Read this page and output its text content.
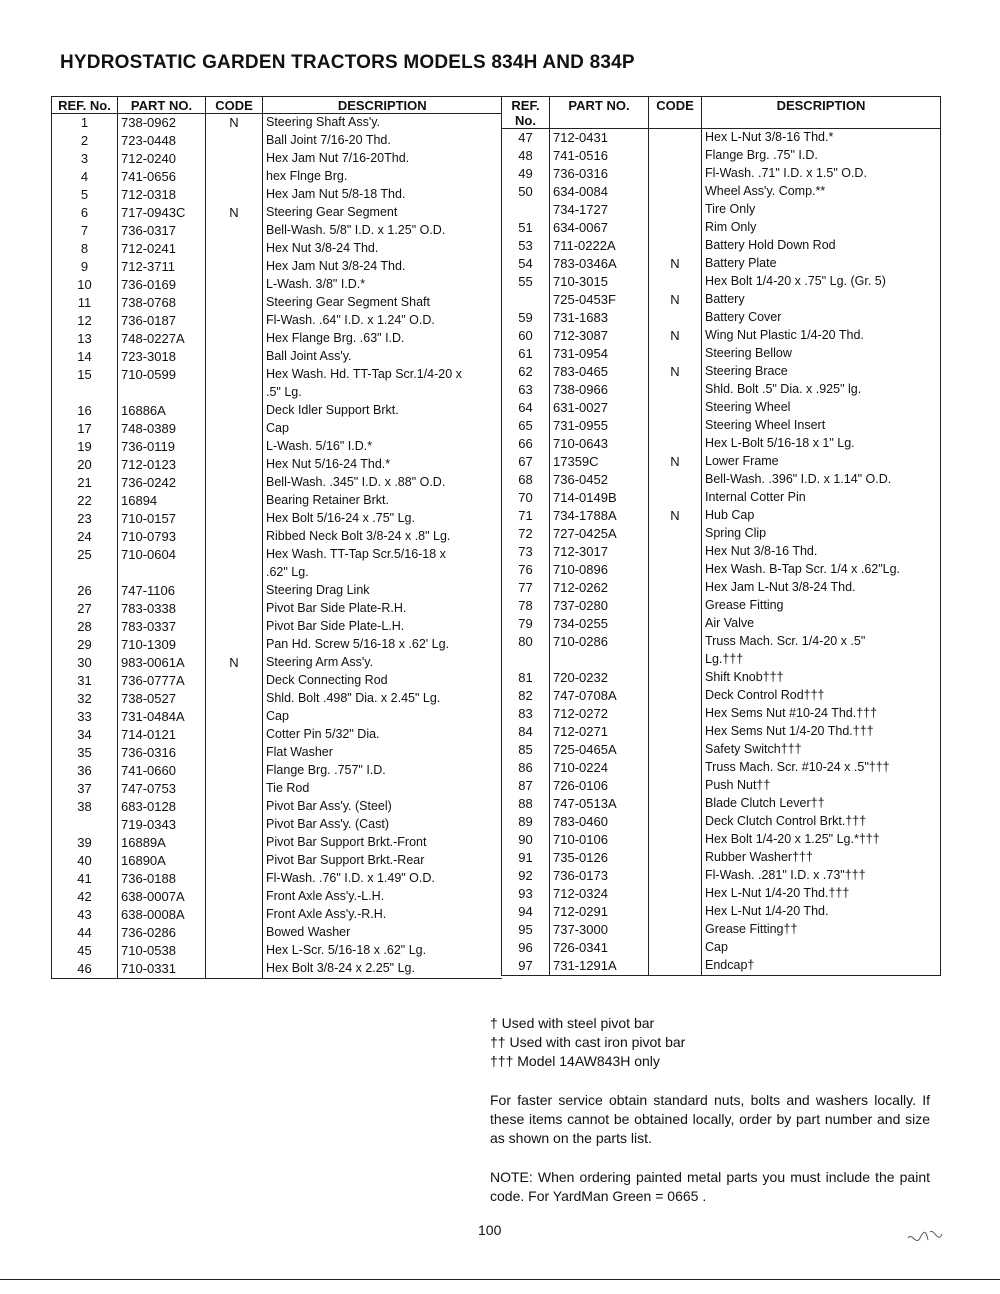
HYDROSTATIC GARDEN TRACTORS MODELS 834H AND 834P
REF. No.	PART NO.	CODE	DESCRIPTION
1	738-0962	N	Steering Shaft Ass'y.
2	723-0448		Ball Joint 7/16-20 Thd.
3	712-0240		Hex Jam Nut 7/16-20Thd.
4	741-0656		hex Flnge Brg.
5	712-0318		Hex Jam Nut 5/8-18 Thd.
6	717-0943C	N	Steering Gear Segment
7	736-0317		Bell-Wash. 5/8" I.D. x 1.25" O.D.
8	712-0241		Hex Nut 3/8-24 Thd.
9	712-3711		Hex Jam Nut 3/8-24 Thd.
10	736-0169		L-Wash. 3/8" I.D.*
11	738-0768		Steering Gear Segment Shaft
12	736-0187		Fl-Wash. .64" I.D. x 1.24" O.D.
13	748-0227A		Hex Flange Brg. .63" I.D.
14	723-3018		Ball Joint Ass'y.
15	710-0599		Hex Wash. Hd. TT-Tap Scr.1/4-20 x
			.5" Lg.
16	16886A		Deck Idler Support Brkt.
17	748-0389		Cap
19	736-0119		L-Wash. 5/16" I.D.*
20	712-0123		Hex Nut 5/16-24 Thd.*
21	736-0242		Bell-Wash. .345" I.D. x .88" O.D.
22	16894		Bearing Retainer Brkt.
23	710-0157		Hex Bolt 5/16-24 x .75" Lg.
24	710-0793		Ribbed Neck Bolt 3/8-24 x .8" Lg.
25	710-0604		Hex Wash. TT-Tap Scr.5/16-18 x
			.62" Lg.
26	747-1106		Steering Drag Link
27	783-0338		Pivot Bar Side Plate-R.H.
28	783-0337		Pivot Bar Side Plate-L.H.
29	710-1309		Pan Hd. Screw 5/16-18 x .62' Lg.
30	983-0061A	N	Steering Arm Ass'y.
31	736-0777A		Deck Connecting Rod
32	738-0527		Shld. Bolt .498" Dia. x 2.45" Lg.
33	731-0484A		Cap
34	714-0121		Cotter Pin 5/32" Dia.
35	736-0316		Flat Washer
36	741-0660		Flange Brg. .757" I.D.
37	747-0753		Tie Rod
38	683-0128		Pivot Bar Ass'y. (Steel)
	719-0343		Pivot Bar Ass'y. (Cast)
39	16889A		Pivot Bar Support Brkt.-Front
40	16890A		Pivot Bar Support Brkt.-Rear
41	736-0188		Fl-Wash. .76" I.D. x 1.49" O.D.
42	638-0007A		Front Axle Ass'y.-L.H.
43	638-0008A		Front Axle Ass'y.-R.H.
44	736-0286		Bowed Washer
45	710-0538		Hex L-Scr. 5/16-18 x .62" Lg.
46	710-0331		Hex Bolt 3/8-24 x 2.25" Lg.
REF. No.	PART NO.	CODE	DESCRIPTION
47	712-0431		Hex L-Nut 3/8-16 Thd.*
48	741-0516		Flange Brg. .75" I.D.
49	736-0316		Fl-Wash. .71" I.D. x 1.5" O.D.
50	634-0084		Wheel Ass'y. Comp.**
	734-1727		Tire Only
51	634-0067		Rim Only
53	711-0222A		Battery Hold Down Rod
54	783-0346A	N	Battery Plate
55	710-3015		Hex Bolt 1/4-20 x .75" Lg. (Gr. 5)
	725-0453F	N	Battery
59	731-1683		Battery Cover
60	712-3087	N	Wing Nut Plastic 1/4-20 Thd.
61	731-0954		Steering Bellow
62	783-0465	N	Steering Brace
63	738-0966		Shld. Bolt .5" Dia. x .925" lg.
64	631-0027		Steering Wheel
65	731-0955		Steering Wheel Insert
66	710-0643		Hex L-Bolt 5/16-18 x 1" Lg.
67	17359C	N	Lower Frame
68	736-0452		Bell-Wash. .396" I.D. x 1.14" O.D.
70	714-0149B		Internal Cotter Pin
71	734-1788A	N	Hub Cap
72	727-0425A		Spring Clip
73	712-3017		Hex Nut 3/8-16 Thd.
76	710-0896		Hex Wash. B-Tap Scr. 1/4 x .62"Lg.
77	712-0262		Hex Jam L-Nut 3/8-24 Thd.
78	737-0280		Grease Fitting
79	734-0255		Air Valve
80	710-0286		Truss Mach. Scr. 1/4-20 x .5"
			Lg.†††
81	720-0232		Shift Knob†††
82	747-0708A		Deck Control Rod†††
83	712-0272		Hex Sems Nut #10-24 Thd.†††
84	712-0271		Hex Sems Nut 1/4-20 Thd.†††
85	725-0465A		Safety Switch†††
86	710-0224		Truss Mach. Scr. #10-24 x .5"†††
87	726-0106		Push Nut††
88	747-0513A		Blade Clutch Lever††
89	783-0460		Deck Clutch Control Brkt.†††
90	710-0106		Hex Bolt 1/4-20 x 1.25" Lg.*†††
91	735-0126		Rubber Washer†††
92	736-0173		Fl-Wash. .281" I.D. x .73"†††
93	712-0324		Hex L-Nut 1/4-20 Thd.†††
94	712-0291		Hex L-Nut 1/4-20 Thd.
95	737-3000		Grease Fitting††
96	726-0341		Cap
97	731-1291A		Endcap†
† Used with steel pivot bar
†† Used with cast iron pivot bar
††† Model 14AW843H only
For faster service obtain standard nuts, bolts and washers locally. If these items cannot be obtained locally, order by part number and size as shown on the parts list.
NOTE: When ordering painted metal parts you must include the paint code. For YardMan Green = 0665 .
100
